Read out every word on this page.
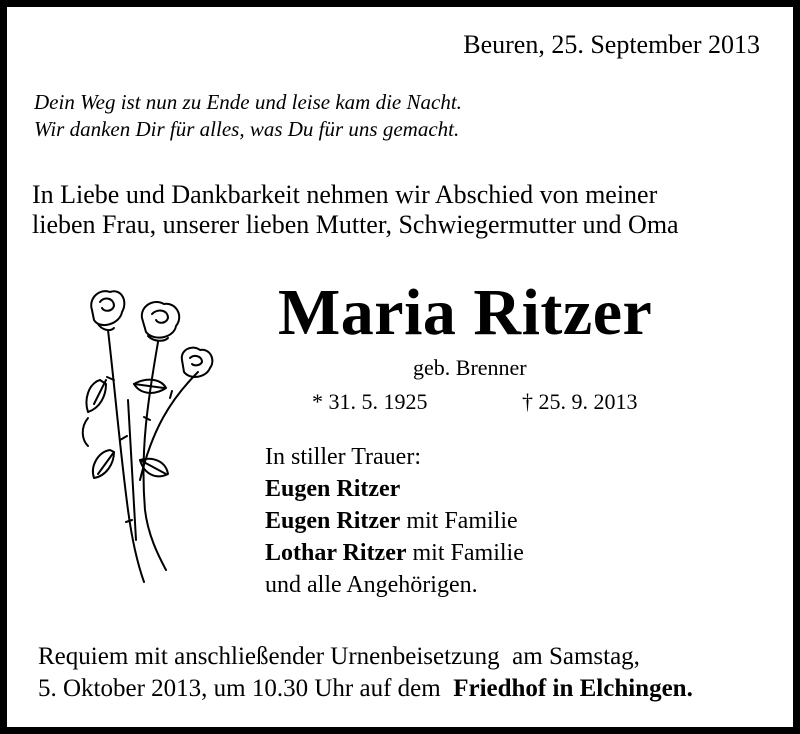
Beuren, 25. September 2013
Dein Weg ist nun zu Ende und leise kam die Nacht.
Wir danken Dir für alles, was Du für uns gemacht.
In Liebe und Dankbarkeit nehmen wir Abschied von meiner
lieben Frau, unserer lieben Mutter, Schwiegermutter und Oma
Maria Ritzer
geb. Brenner
* 31. 5. 1925	† 25. 9. 2013
In stiller Trauer:
Eugen Ritzer
Eugen Ritzer mit Familie
Lothar Ritzer mit Familie
und alle Angehörigen.
Requiem mit anschließender Urnenbeisetzung  am Samstag,
5. Oktober 2013, um 10.30 Uhr auf dem  Friedhof in Elchingen.
